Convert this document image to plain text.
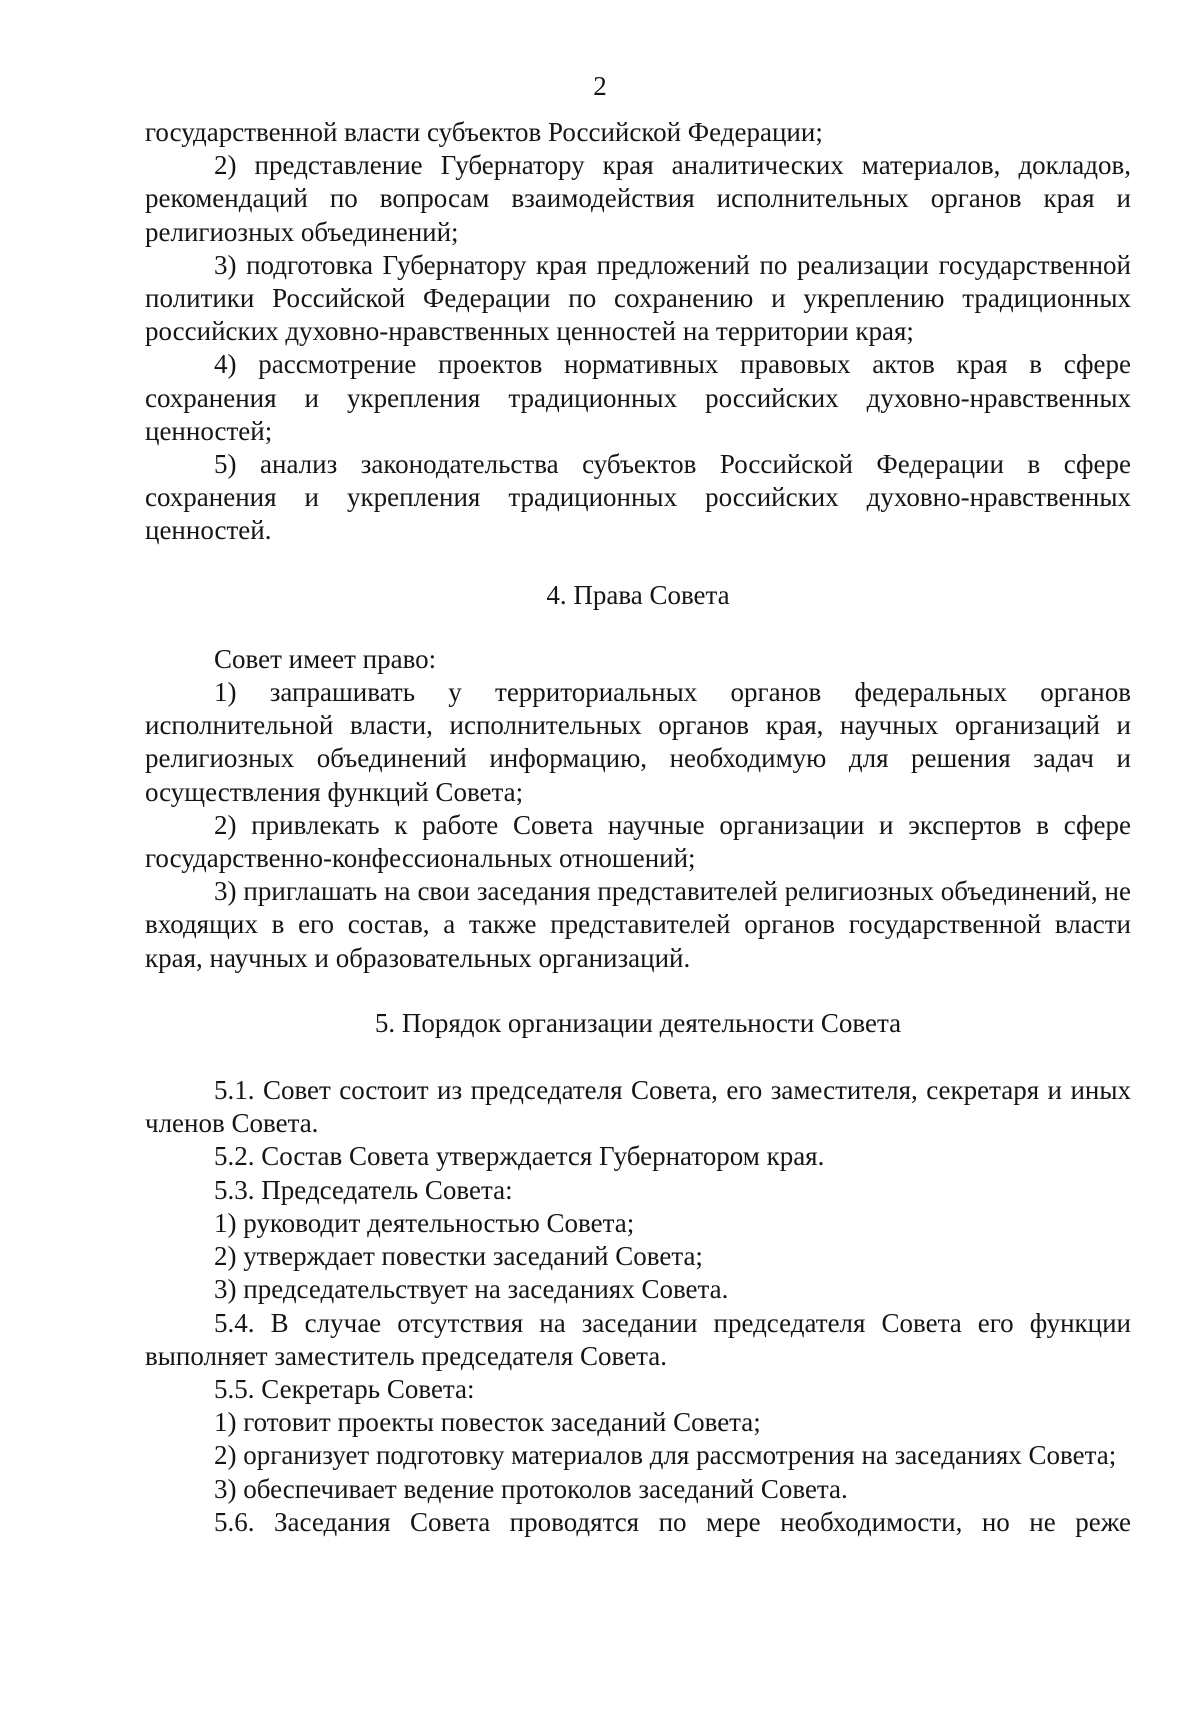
2

государственной власти субъектов Российской Федерации;

2) представление Губернатору края аналитических материалов, докладов, рекомендаций по вопросам взаимодействия исполнительных органов края и религиозных объединений;

3) подготовка Губернатору края предложений по реализации государственной политики Российской Федерации по сохранению и укреплению традиционных российских духовно-нравственных ценностей на территории края;

4) рассмотрение проектов нормативных правовых актов края в сфере сохранения и укрепления традиционных российских духовно-нравственных ценностей;

5) анализ законодательства субъектов Российской Федерации в сфере сохранения и укрепления традиционных российских духовно-нравственных ценностей.

4. Права Совета

Совет имеет право:

1) запрашивать у территориальных органов федеральных органов исполнительной власти, исполнительных органов края, научных организаций и религиозных объединений информацию, необходимую для решения задач и осуществления функций Совета;

2) привлекать к работе Совета научные организации и экспертов в сфере государственно-конфессиональных отношений;

3) приглашать на свои заседания представителей религиозных объединений, не входящих в его состав, а также представителей органов государственной власти края, научных и образовательных организаций.

5. Порядок организации деятельности Совета

5.1. Совет состоит из председателя Совета, его заместителя, секретаря и иных членов Совета.

5.2. Состав Совета утверждается Губернатором края.

5.3. Председатель Совета:

1) руководит деятельностью Совета;

2) утверждает повестки заседаний Совета;

3) председательствует на заседаниях Совета.

5.4. В случае отсутствия на заседании председателя Совета его функции выполняет заместитель председателя Совета.

5.5. Секретарь Совета:

1) готовит проекты повесток заседаний Совета;

2) организует подготовку материалов для рассмотрения на заседаниях Совета;

3) обеспечивает ведение протоколов заседаний Совета.

5.6. Заседания Совета проводятся по мере необходимости, но не реже
